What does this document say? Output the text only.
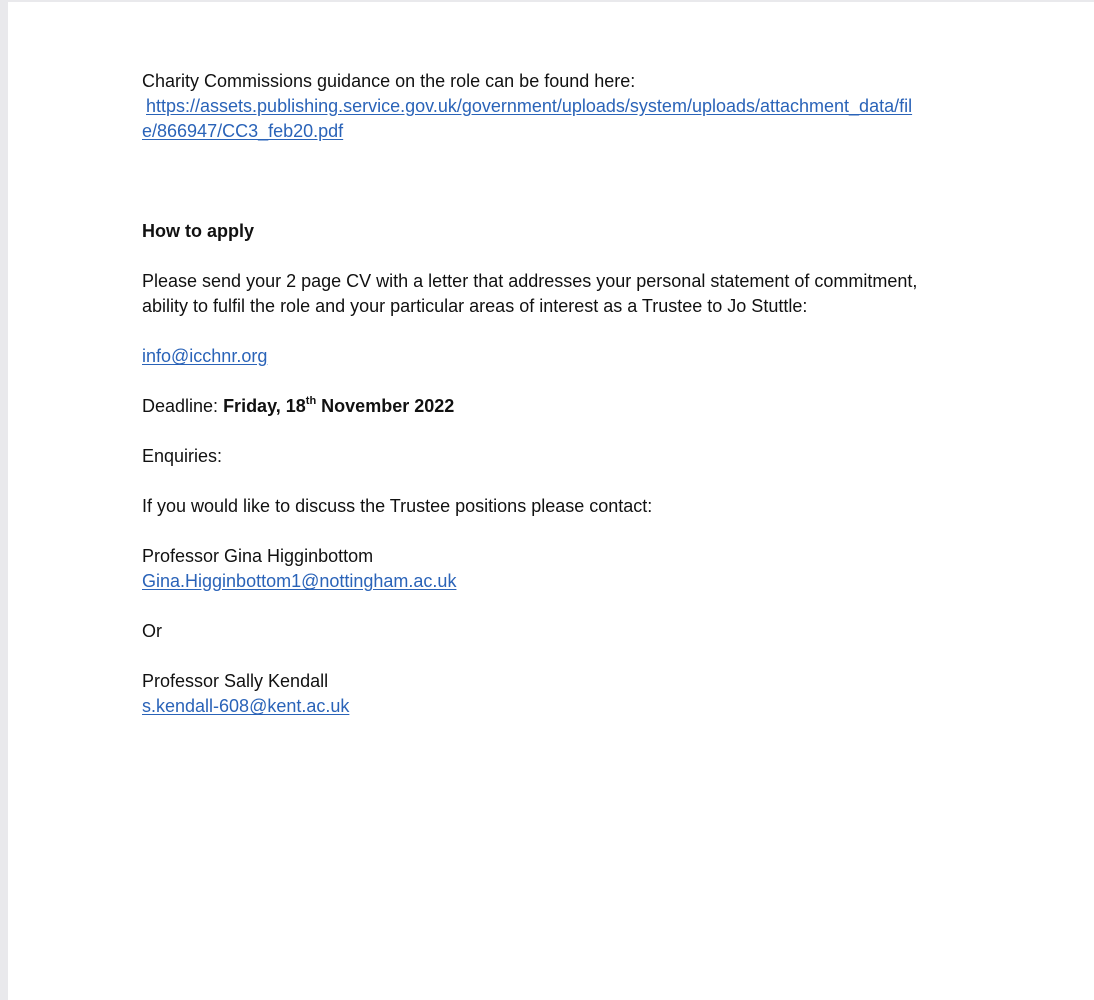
Charity Commissions guidance on the role can be found here:

https://assets.publishing.service.gov.uk/government/uploads/system/uploads/attachment_data/fil
e/866947/CC3_feb20.pdf

How to apply

Please send your 2 page CV with a letter that addresses your personal statement of commitment,

ability to fulfil the role and your particular areas of interest as a Trustee to Jo Stuttle:

info@icchnr.org

Deadline: Friday, 18th November 2022

Enquiries:

If you would like to discuss the Trustee positions please contact:

Professor Gina Higginbottom

Gina.Higginbottom1@nottingham.ac.uk

Or

Professor Sally Kendall

s.kendall-608@kent.ac.uk
